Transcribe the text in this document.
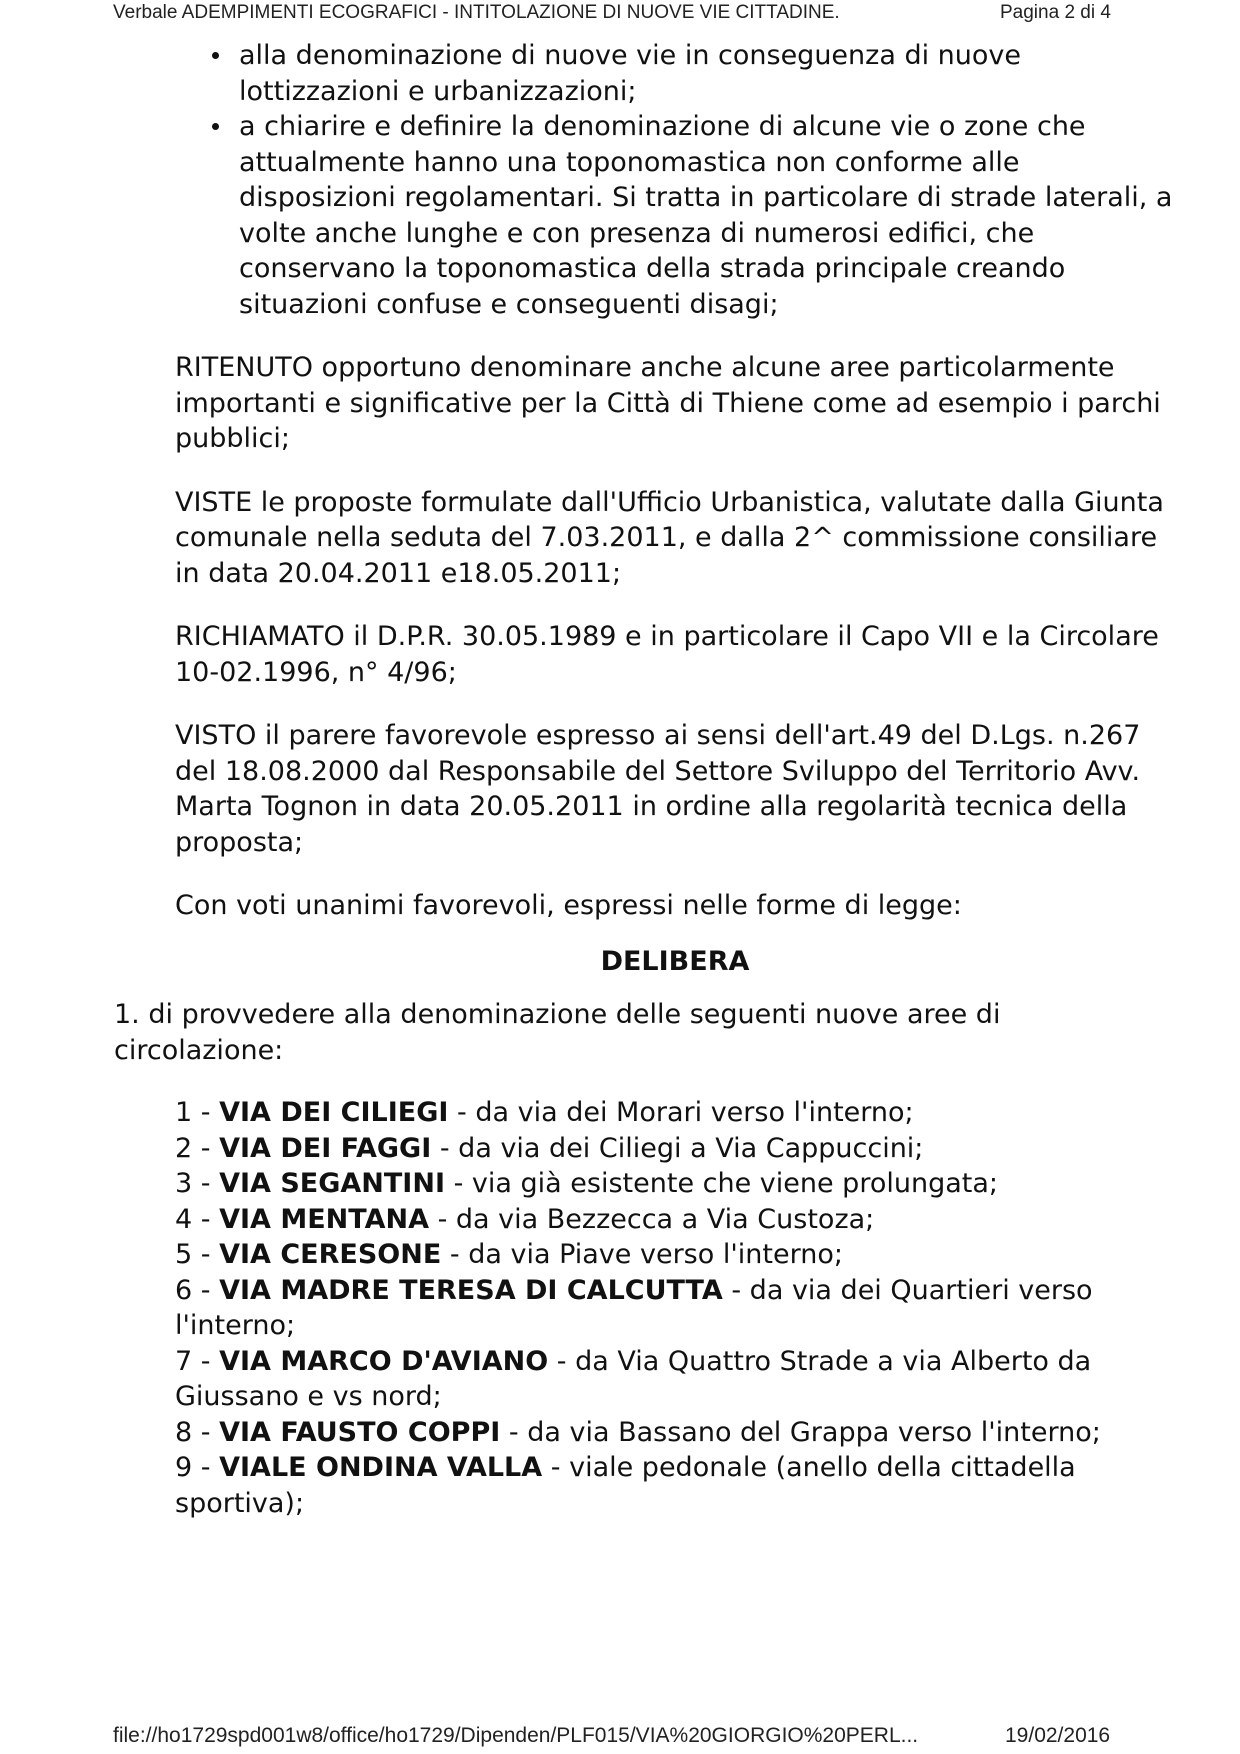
Verbale ADEMPIMENTI ECOGRAFICI - INTITOLAZIONE DI NUOVE VIE CITTADINE.	Pagina 2 di 4
alla denominazione di nuove vie in conseguenza di nuove lottizzazioni e urbanizzazioni;
a chiarire e definire la denominazione di alcune vie o zone che attualmente hanno una toponomastica non conforme alle disposizioni regolamentari. Si tratta in particolare di strade laterali, a volte anche lunghe e con presenza di numerosi edifici, che conservano la toponomastica della strada principale creando situazioni confuse e conseguenti disagi;

RITENUTO opportuno denominare anche alcune aree particolarmente importanti e significative per la Città di Thiene come ad esempio i parchi pubblici;

VISTE le proposte formulate dall'Ufficio Urbanistica, valutate dalla Giunta comunale nella seduta del 7.03.2011, e dalla 2^ commissione consiliare in data 20.04.2011 e18.05.2011;

RICHIAMATO il D.P.R. 30.05.1989 e in particolare il Capo VII e la Circolare 10-02.1996, n° 4/96;

VISTO il parere favorevole espresso ai sensi dell'art.49 del D.Lgs. n.267 del 18.08.2000 dal Responsabile del Settore Sviluppo del Territorio Avv. Marta Tognon in data 20.05.2011 in ordine alla regolarità tecnica della proposta;

Con voti unanimi favorevoli, espressi nelle forme di legge:

DELIBERA

1. di provvedere alla denominazione delle seguenti nuove aree di circolazione:

1 - VIA DEI CILIEGI - da via dei Morari verso l'interno;
2 - VIA DEI FAGGI - da via dei Ciliegi a Via Cappuccini;
3 - VIA SEGANTINI - via già esistente che viene prolungata;
4 - VIA MENTANA - da via Bezzecca a Via Custoza;
5 - VIA CERESONE - da via Piave verso l'interno;
6 - VIA MADRE TERESA DI CALCUTTA - da via dei Quartieri verso l'interno;
7 - VIA MARCO D'AVIANO - da Via Quattro Strade a via Alberto da Giussano e vs nord;
8 - VIA FAUSTO COPPI - da via Bassano del Grappa verso l'interno;
9 - VIALE ONDINA VALLA - viale pedonale (anello della cittadella sportiva);
file://ho1729spd001w8/office/ho1729/Dipenden/PLF015/VIA%20GIORGIO%20PERL...	19/02/2016
